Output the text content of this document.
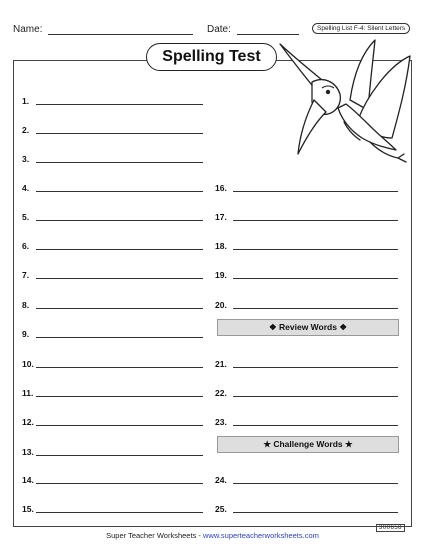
Name:	Date:	Spelling List F-4: Silent Letters
Spelling Test
1.
2.
3.
4.
5.
6.
7.
8.
9.
10.
11.
12.
13.
14.
15.
16.
17.
18.
19.
20.
❖ Review Words ❖
21.
22.
23.
★ Challenge Words ★
24.
25.
Super Teacher Worksheets - www.superteacherworksheets.com
300658
